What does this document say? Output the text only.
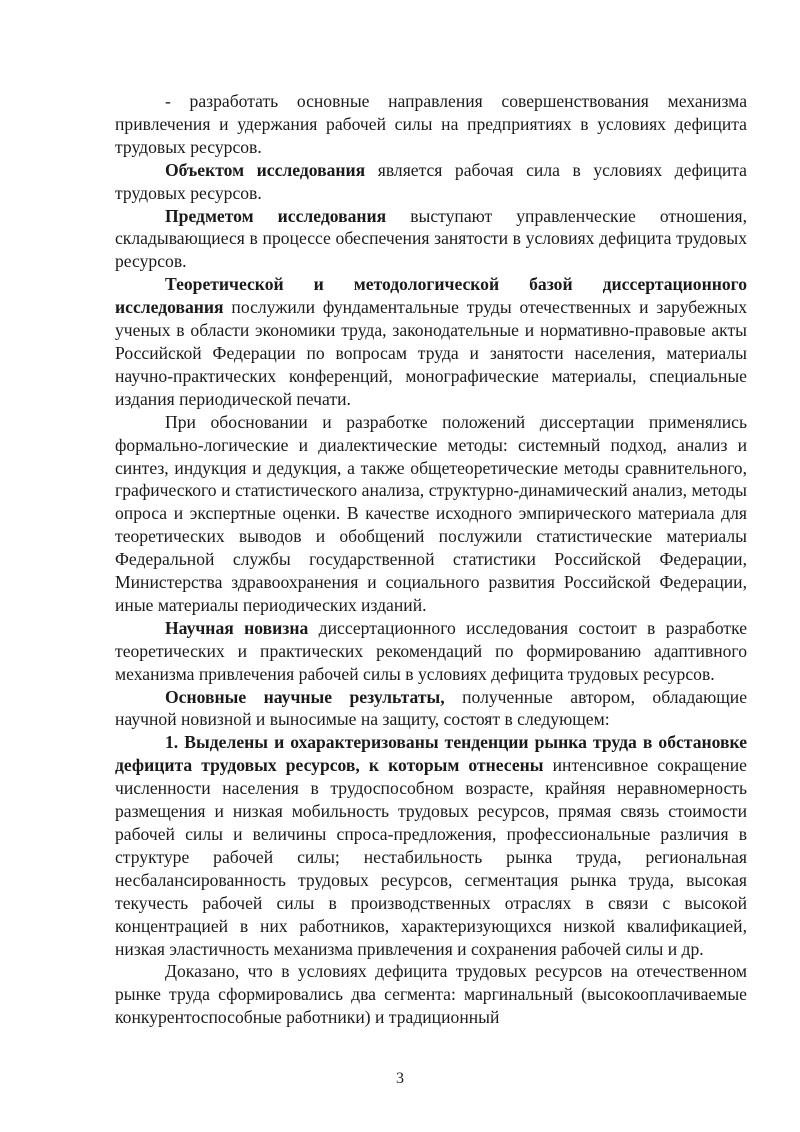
- разработать основные направления совершенствования механизма привлечения и удержания рабочей силы на предприятиях в условиях дефицита трудовых ресурсов.

Объектом исследования является рабочая сила в условиях дефицита трудовых ресурсов.

Предметом исследования выступают управленческие отношения, складывающиеся в процессе обеспечения занятости в условиях дефицита трудовых ресурсов.

Теоретической и методологической базой диссертационного исследования послужили фундаментальные труды отечественных и зарубежных ученых в области экономики труда, законодательные и нормативно-правовые акты Российской Федерации по вопросам труда и занятости населения, материалы научно-практических конференций, монографические материалы, специальные издания периодической печати.

При обосновании и разработке положений диссертации применялись формально-логические и диалектические методы: системный подход, анализ и синтез, индукция и дедукция, а также общетеоретические методы сравнительного, графического и статистического анализа, структурно-динамический анализ, методы опроса и экспертные оценки. В качестве исходного эмпирического материала для теоретических выводов и обобщений послужили статистические материалы Федеральной службы государственной статистики Российской Федерации, Министерства здравоохранения и социального развития Российской Федерации, иные материалы периодических изданий.

Научная новизна диссертационного исследования состоит в разработке теоретических и практических рекомендаций по формированию адаптивного механизма привлечения рабочей силы в условиях дефицита трудовых ресурсов.

Основные научные результаты, полученные автором, обладающие научной новизной и выносимые на защиту, состоят в следующем:

1. Выделены и охарактеризованы тенденции рынка труда в обстановке дефицита трудовых ресурсов, к которым отнесены интенсивное сокращение численности населения в трудоспособном возрасте, крайняя неравномерность размещения и низкая мобильность трудовых ресурсов, прямая связь стоимости рабочей силы и величины спроса-предложения, профессиональные различия в структуре рабочей силы; нестабильность рынка труда, региональная несбалансированность трудовых ресурсов, сегментация рынка труда, высокая текучесть рабочей силы в производственных отраслях в связи с высокой концентрацией в них работников, характеризующихся низкой квалификацией, низкая эластичность механизма привлечения и сохранения рабочей силы и др.

Доказано, что в условиях дефицита трудовых ресурсов на отечественном рынке труда сформировались два сегмента: маргинальный (высокооплачиваемые конкурентоспособные работники) и традиционный

3
